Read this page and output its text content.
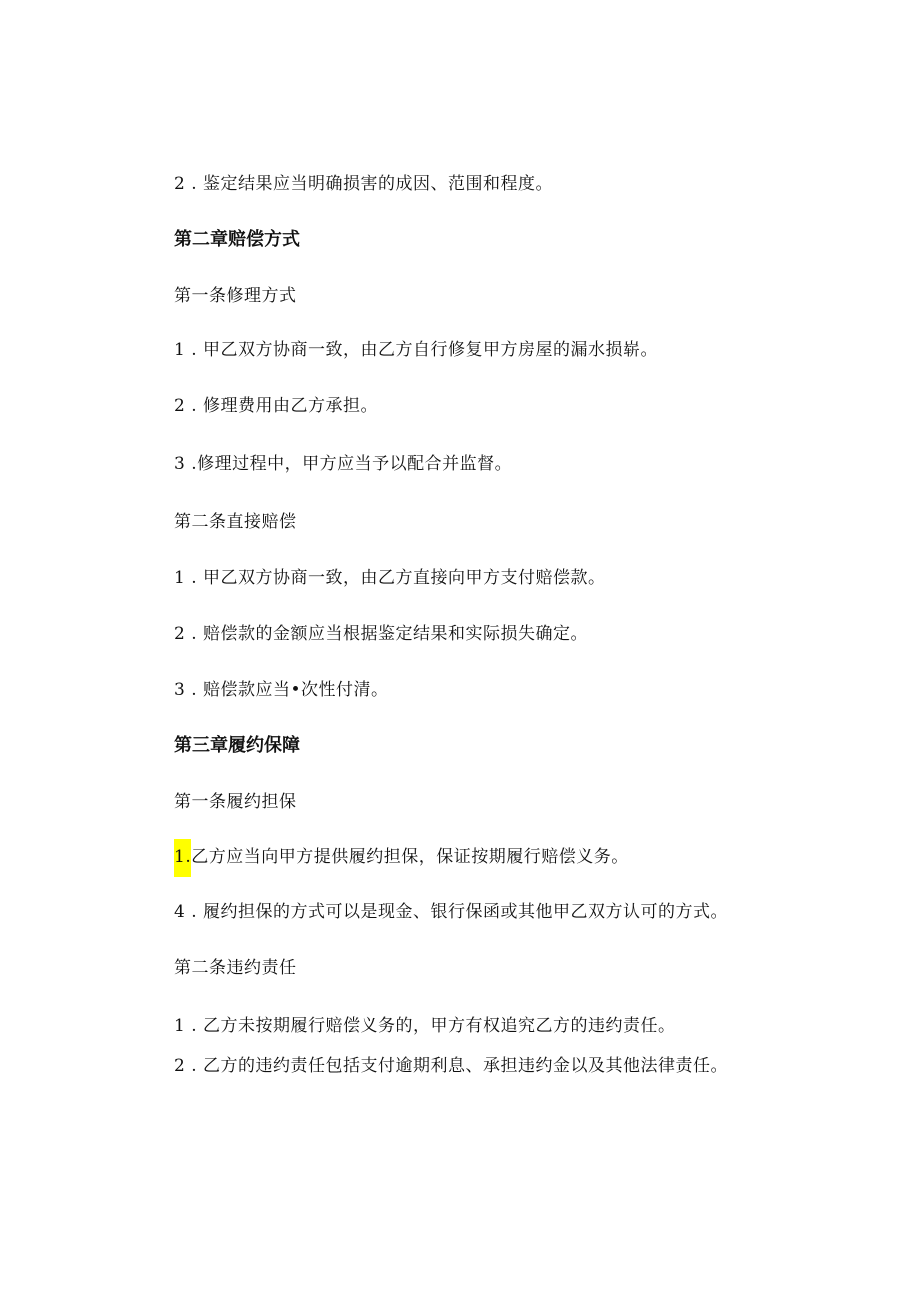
2 . 鉴定结果应当明确损害的成因、范围和程度。
第二章赔偿方式
第一条修理方式
1 . 甲乙双方协商一致，由乙方自行修复甲方房屋的漏水损崭。
2 . 修理费用由乙方承担。
3 .修理过程中，甲方应当予以配合并监督。
第二条直接赔偿
1 . 甲乙双方协商一致，由乙方直接向甲方支付赔偿款。
2 . 赔偿款的金额应当根据鉴定结果和实际损失确定。
3 . 赔偿款应当•次性付清。
第三章履约保障
第一条履约担保
1.乙方应当向甲方提供履约担保，保证按期履行赔偿义务。
4 . 履约担保的方式可以是现金、银行保函或其他甲乙双方认可的方式。
第二条违约责任
1 . 乙方未按期履行赔偿义务的，甲方有权追究乙方的违约责任。
2 . 乙方的违约责任包括支付逾期利息、承担违约金以及其他法律责任。
